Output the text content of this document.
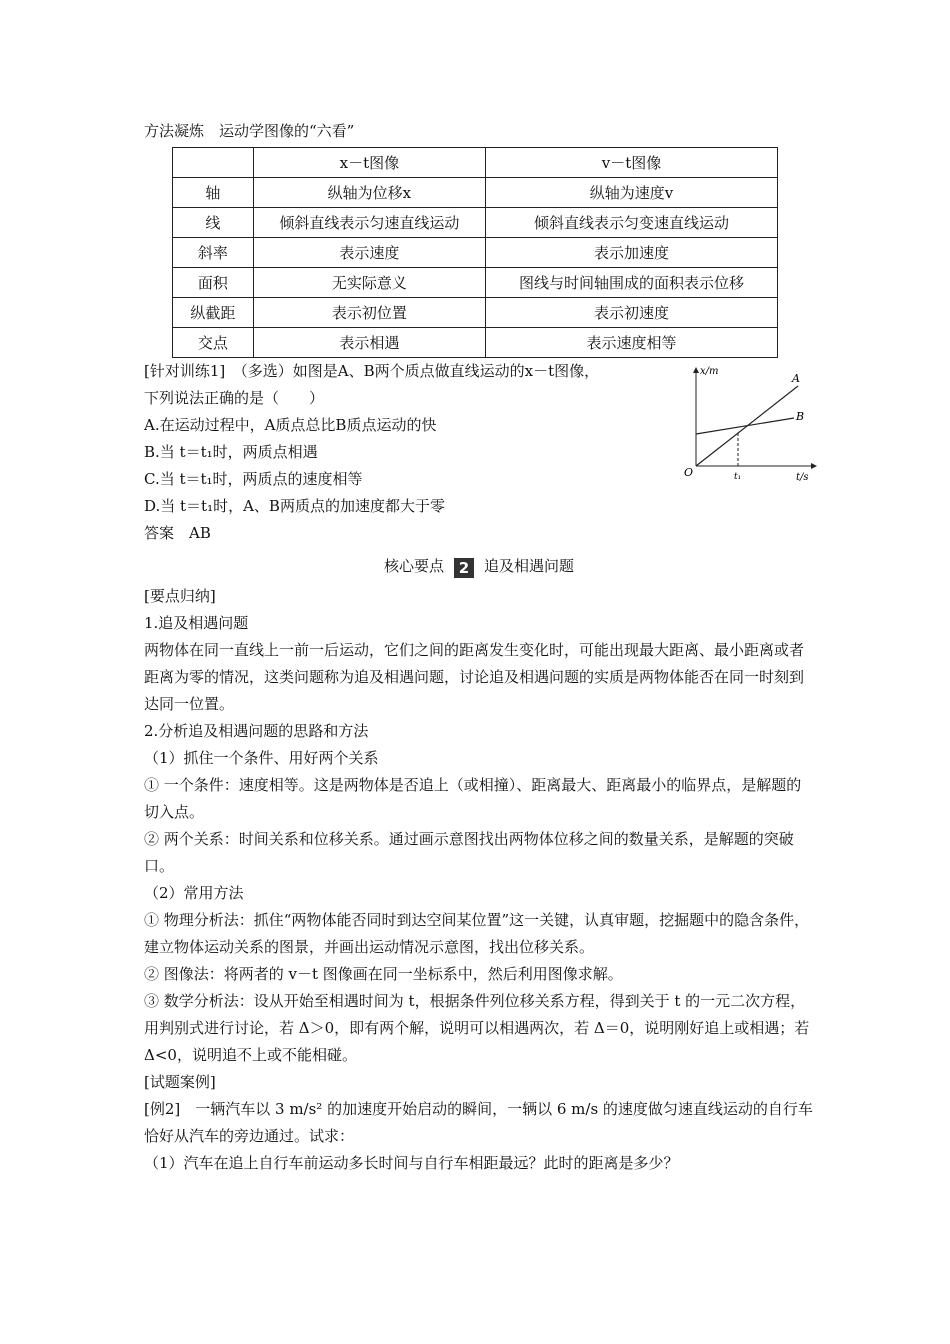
方法凝炼　运动学图像的“六看”
	x－t图像	v－t图像
轴	纵轴为位移x	纵轴为速度v
线	倾斜直线表示匀速直线运动	倾斜直线表示匀变速直线运动
斜率	表示速度	表示加速度
面积	无实际意义	图线与时间轴围成的面积表示位移
纵截距	表示初位置	表示初速度
交点	表示相遇	表示速度相等
[针对训练1]　（多选）如图是A、B两个质点做直线运动的x－t图像，
下列说法正确的是（　　）
A.在运动过程中，A质点总比B质点运动的快
B.当 t＝t₁时，两质点相遇
C.当 t＝t₁时，两质点的速度相等
D.当 t＝t₁时，A、B两质点的加速度都大于零
答案　AB
x/m
t/s
O	t₁
A
B
核心要点 2 追及相遇问题
[要点归纳]
1.追及相遇问题
两物体在同一直线上一前一后运动，它们之间的距离发生变化时，可能出现最大距离、最小距离或者距离为零的情况，这类问题称为追及相遇问题，讨论追及相遇问题的实质是两物体能否在同一时刻到达同一位置。
2.分析追及相遇问题的思路和方法
（1）抓住一个条件、用好两个关系
① 一个条件：速度相等。这是两物体是否追上（或相撞）、距离最大、距离最小的临界点，是解题的切入点。
② 两个关系：时间关系和位移关系。通过画示意图找出两物体位移之间的数量关系，是解题的突破口。
（2）常用方法
① 物理分析法：抓住“两物体能否同时到达空间某位置”这一关键，认真审题，挖掘题中的隐含条件，建立物体运动关系的图景，并画出运动情况示意图，找出位移关系。
② 图像法：将两者的 v－t 图像画在同一坐标系中，然后利用图像求解。
③ 数学分析法：设从开始至相遇时间为 t，根据条件列位移关系方程，得到关于 t 的一元二次方程，用判别式进行讨论，若 Δ＞0，即有两个解，说明可以相遇两次，若 Δ＝0，说明刚好追上或相遇；若 Δ<0，说明追不上或不能相碰。
[试题案例]
[例2]　一辆汽车以 3 m/s² 的加速度开始启动的瞬间，一辆以 6 m/s 的速度做匀速直线运动的自行车恰好从汽车的旁边通过。试求：
（1）汽车在追上自行车前运动多长时间与自行车相距最远？此时的距离是多少？
